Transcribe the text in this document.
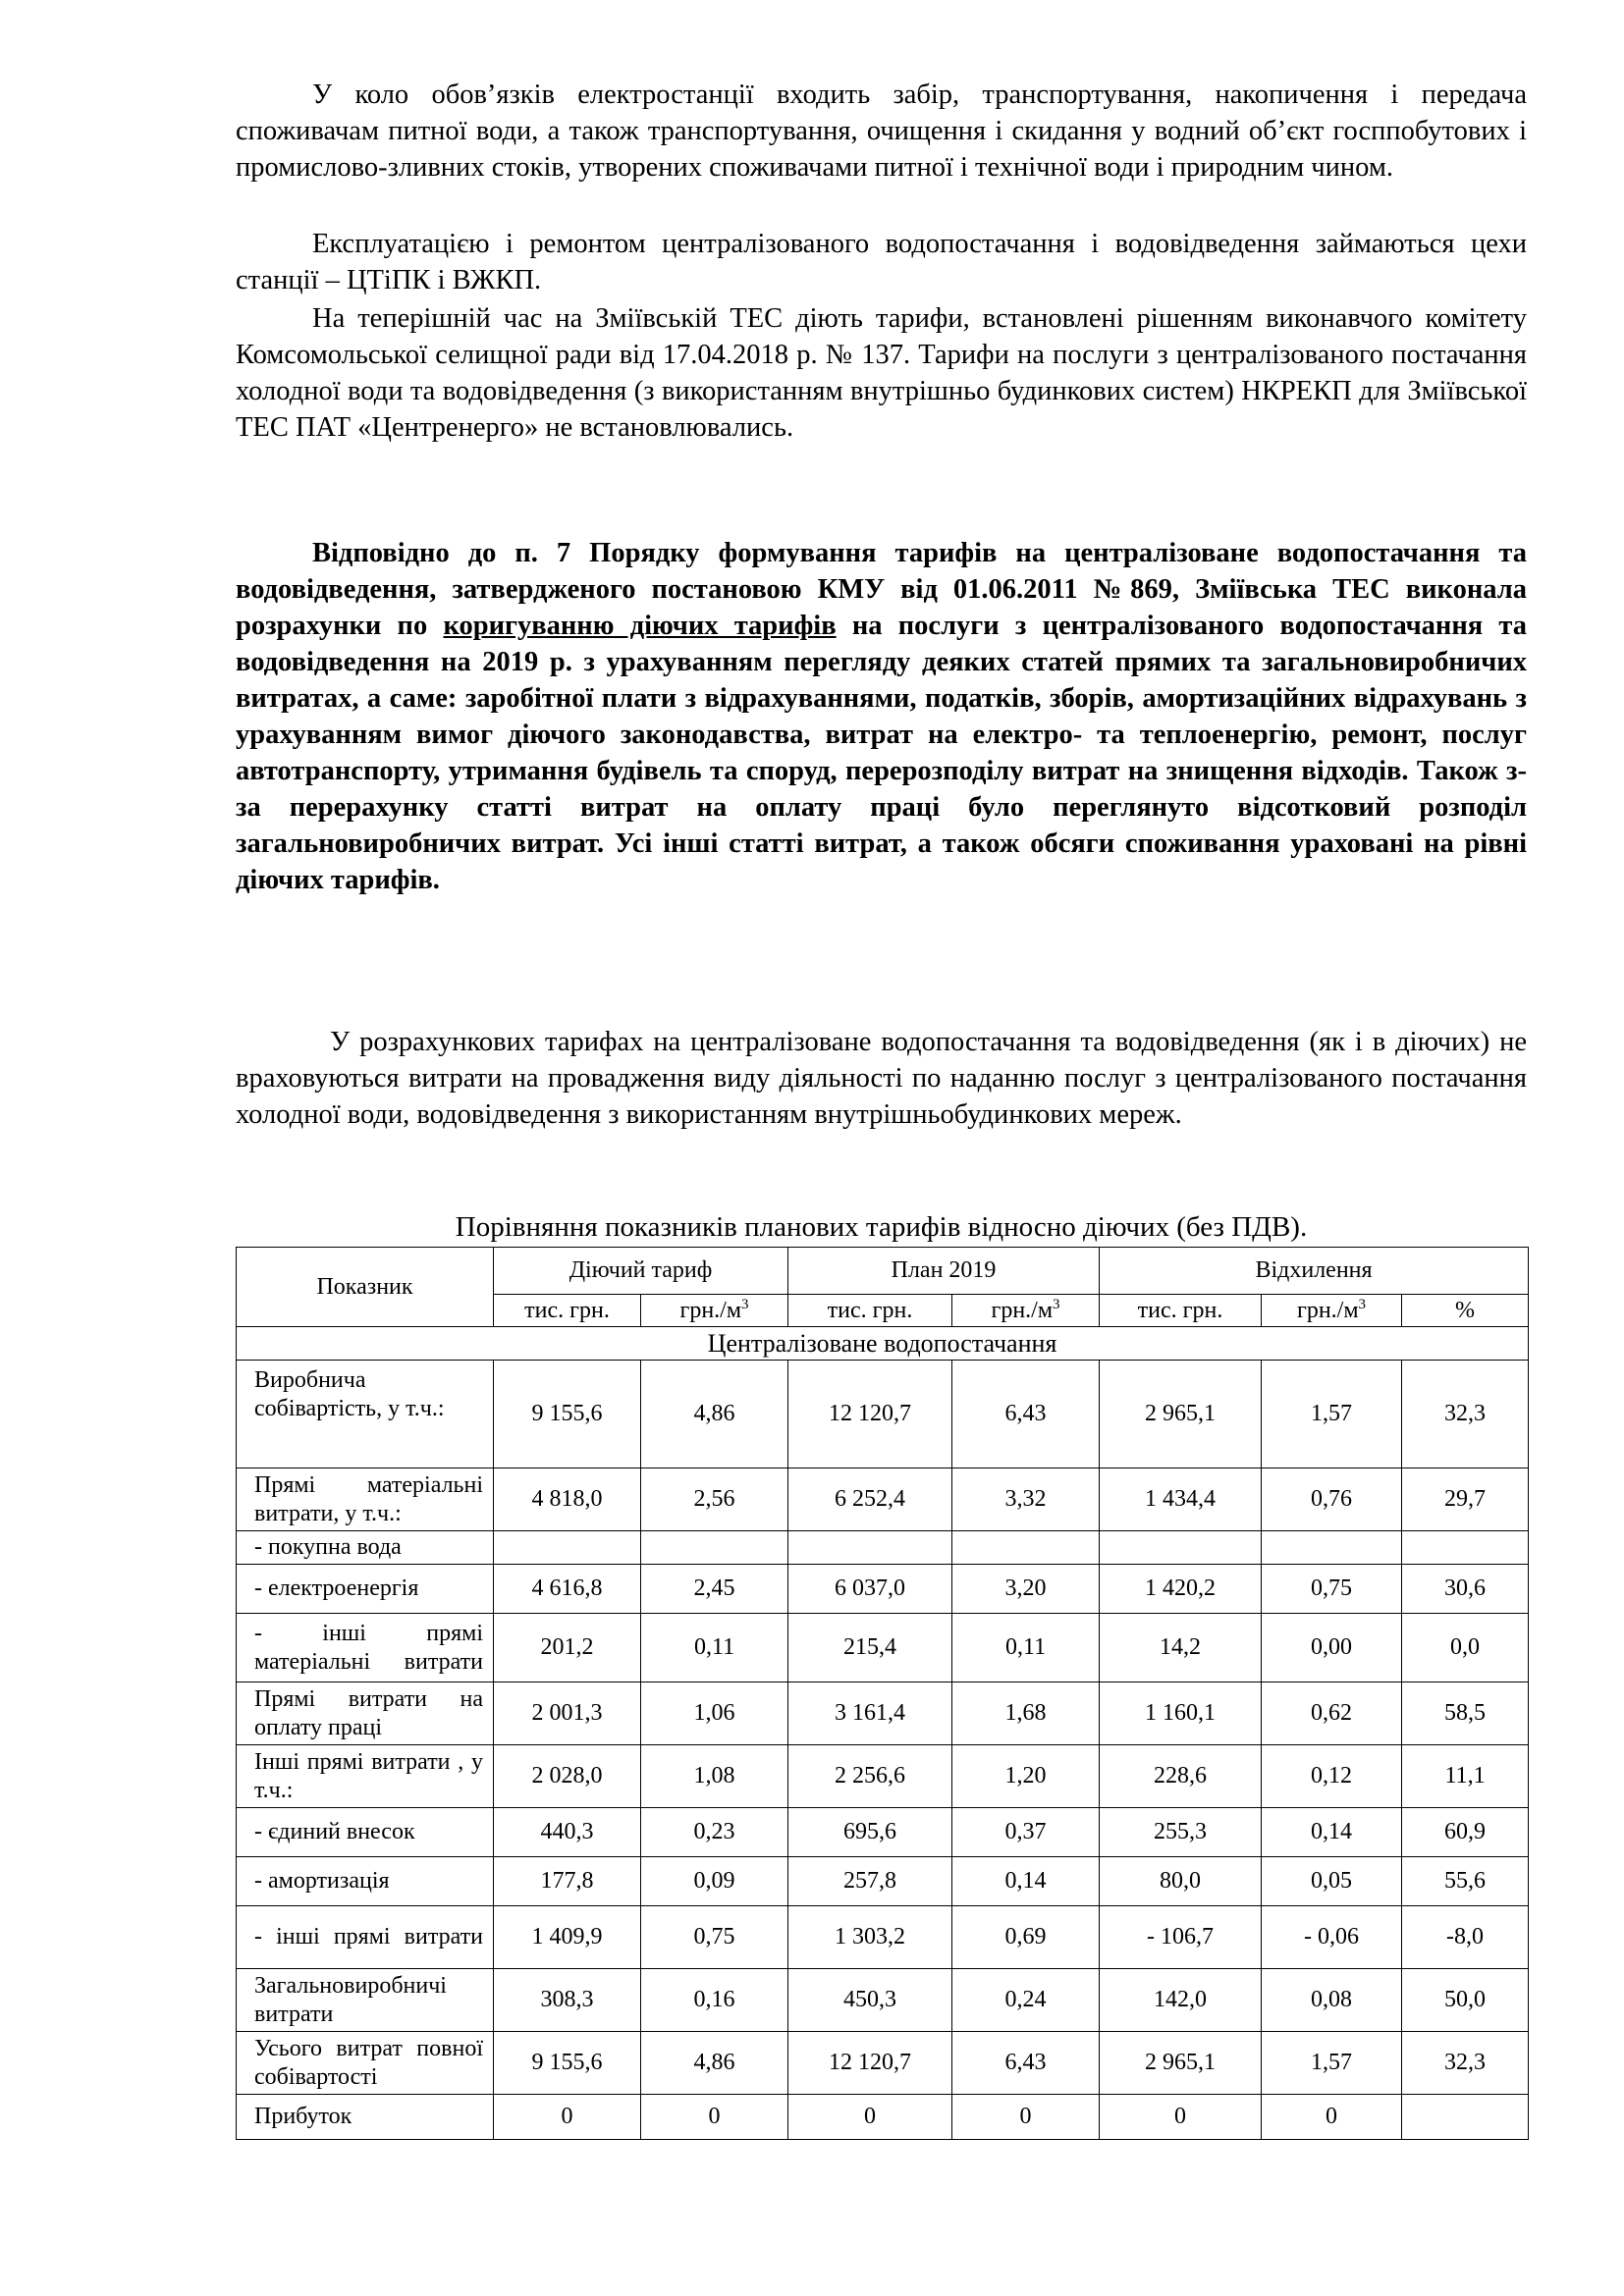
У коло обов’язків електростанції входить забір, транспортування, накопичення і передача споживачам питної води, а також транспортування, очищення і скидання у водний об’єкт госппобутових і промислово-зливних стоків, утворених споживачами питної і технічної води і природним чином.

Експлуатацією і ремонтом централізованого водопостачання і водовідведення займаються цехи станції – ЦТіПК і ВЖКП.

На теперішній час на Зміївській ТЕС діють тарифи, встановлені рішенням виконавчого комітету Комсомольської селищної ради від 17.04.2018 р. № 137. Тарифи на послуги з централізованого постачання холодної води та водовідведення (з використанням внутрішньо будинкових систем) НКРЕКП для Зміївської ТЕС ПАТ «Центренерго» не встановлювались.

Відповідно до п. 7 Порядку формування тарифів на централізоване водопостачання та водовідведення, затвердженого постановою КМУ від 01.06.2011 №869, Зміївська ТЕС виконала розрахунки по коригуванню діючих тарифів на послуги з централізованого водопостачання та водовідведення на 2019 р. з урахуванням перегляду деяких статей прямих та загальновиробничих витратах, а саме: заробітної плати з відрахуваннями, податків, зборів, амортизаційних відрахувань з урахуванням вимог діючого законодавства, витрат на електро- та теплоенергію, ремонт, послуг автотранспорту, утримання будівель та споруд, перерозподілу витрат на знищення відходів. Також з-за перерахунку статті витрат на оплату праці було переглянуто відсотковий розподіл загальновиробничих витрат. Усі інші статті витрат, а також обсяги споживання ураховані на рівні діючих тарифів.

У розрахункових тарифах на централізоване водопостачання та водовідведення (як і в діючих) не враховуються витрати на провадження виду діяльності по наданню послуг з централізованого постачання холодної води, водовідведення з використанням внутрішньобудинкових мереж.

Порівняння показників планових тарифів відносно діючих (без ПДВ).
Показник	Діючий тариф		План 2019		Відхилення		
	тис. грн.	$грн./м^3$	тис. грн.	$грн./м^3$	тис. грн.	$грн./м^3$	%
Централізоване водопостачання							
Виробнича собівартість, у т.ч.:	9 155,6	4,86	12 120,7	6,43	2 965,1	1,57	32,3
Прямі матеріальні витрати, у т.ч.:	4 818,0	2,56	6 252,4	3,32	1 434,4	0,76	29,7
- покупна вода							
- електроенергія	4 616,8	2,45	6 037,0	3,20	1 420,2	0,75	30,6
- інші прямі матеріальні витрати	201,2	0,11	215,4	0,11	14,2	0,00	0,0
Прямі витрати на оплату праці	2 001,3	1,06	3 161,4	1,68	1 160,1	0,62	58,5
Інші прямі витрати , у т.ч.:	2 028,0	1,08	2 256,6	1,20	228,6	0,12	11,1
- єдиний внесок	440,3	0,23	695,6	0,37	255,3	0,14	60,9
- амортизація	177,8	0,09	257,8	0,14	80,0	0,05	55,6
- інші прямі витрати	1 409,9	0,75	1 303,2	0,69	- 106,7	- 0,06	-8,0
Загальновиробничі витрати	308,3	0,16	450,3	0,24	142,0	0,08	50,0
Усього витрат повної собівартості	9 155,6	4,86	12 120,7	6,43	2 965,1	1,57	32,3
Прибуток	0	0	0	0	0	0	
